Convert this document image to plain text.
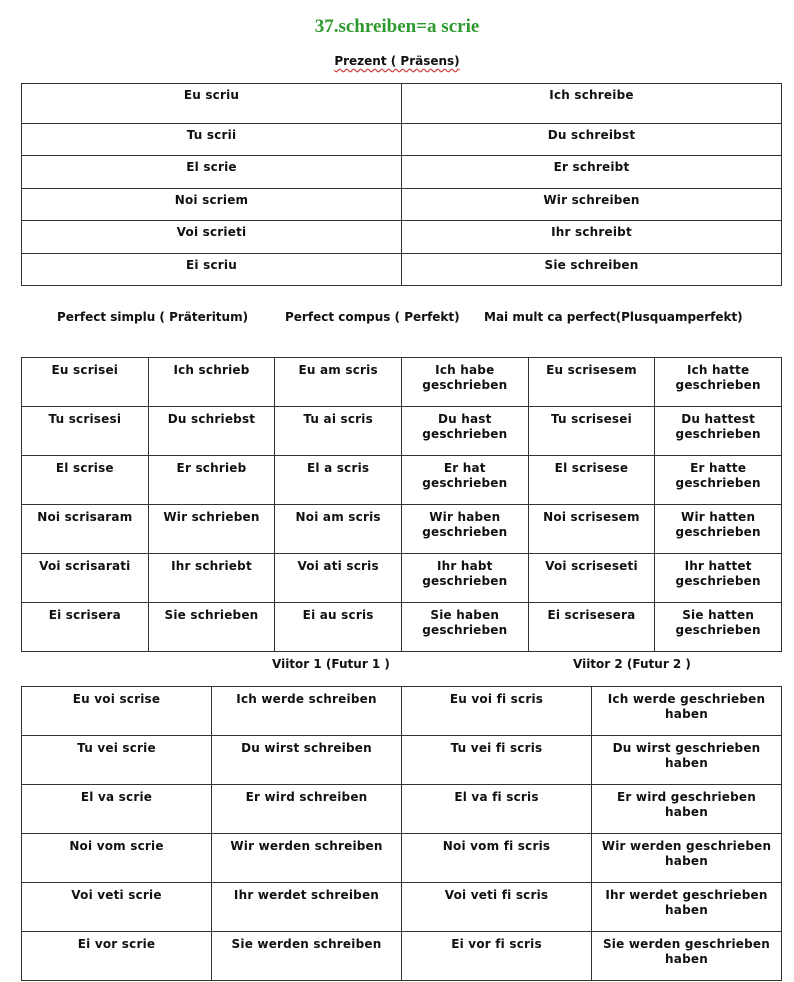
37.schreiben=a scrie
Prezent ( Präsens)
Eu scriu	Ich schreibe
Tu scrii	Du schreibst
El scrie	Er schreibt
Noi scriem	Wir schreiben
Voi scrieti	Ihr schreibt
Ei scriu	Sie schreiben
Perfect simplu ( Präteritum)	Perfect compus ( Perfekt) Mai mult ca perfect(Plusquamperfekt)
Eu scrisei	Ich schrieb	Eu am scris	Ich habe geschrieben	Eu scrisesem	Ich hatte geschrieben
Tu scrisesi	Du schriebst	Tu ai scris	Du hast geschrieben	Tu scrisesei	Du hattest geschrieben
El scrise	Er schrieb	El a scris	Er hat geschrieben	El scrisese	Er hatte geschrieben
Noi scrisaram	Wir schrieben	Noi am scris	Wir haben geschrieben	Noi scrisesem	Wir hatten geschrieben
Voi scrisarati	Ihr schriebt	Voi ati scris	Ihr habt geschrieben	Voi scriseseti	Ihr hattet geschrieben
Ei scrisera	Sie schrieben	Ei au scris	Sie haben geschrieben	Ei scrisesera	Sie hatten geschrieben
Viitor 1 (Futur 1 )	Viitor 2 (Futur 2 )
Eu voi scrise	Ich werde schreiben	Eu voi fi scris	Ich werde geschrieben haben
Tu vei scrie	Du wirst schreiben	Tu vei fi scris	Du wirst geschrieben haben
El va scrie	Er wird schreiben	El va fi scris	Er wird geschrieben haben
Noi vom scrie	Wir werden schreiben	Noi vom fi scris	Wir werden geschrieben haben
Voi veti scrie	Ihr werdet schreiben	Voi veti fi scris	Ihr werdet geschrieben haben
Ei vor scrie	Sie werden schreiben	Ei vor fi scris	Sie werden geschrieben haben
